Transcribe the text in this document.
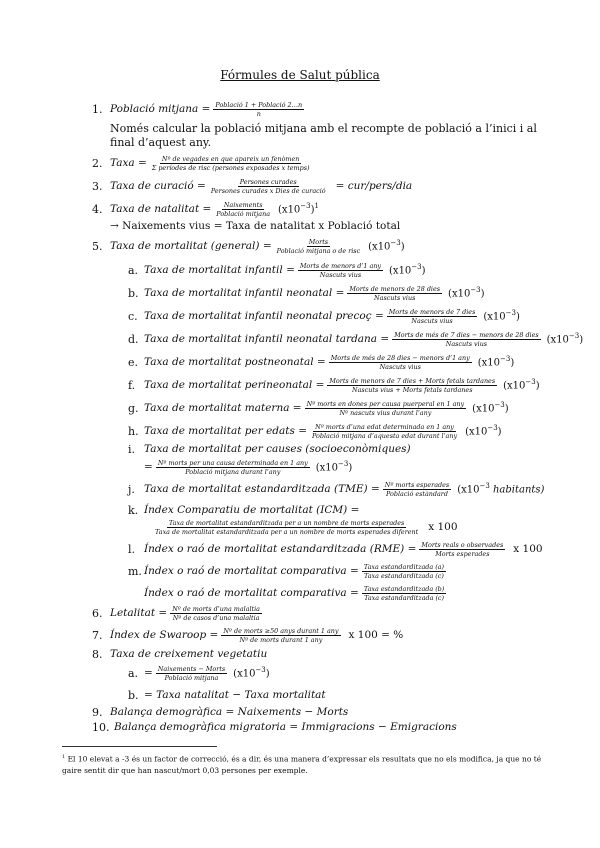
Fórmules de Salut pública
1. Població mitjana = $\frac{\text{Població 1 + Població 2…n}}{n}$
Només calcular la població mitjana amb el recompte de població a l’inici i al final d’aquest any.
2. Taxa = $\frac{\text{Nº de vegades en que apareix un fenòmen}}{\text{Σ períodes de risc (persones exposades x temps)}}$
3. Taxa de curació = $\frac{\text{Persones curades}}{\text{Persones curades x Dies de curació}}$ = cur/pers/dia
4. Taxa de natalitat = $\frac{\text{Naixements}}{\text{Població mitjana}} (x10^{-3})^1$
→ Naixements vius = Taxa de natalitat x Població total
5. Taxa de mortalitat (general) = $\frac{\text{Morts}}{\text{Població mitjana o de risc}} (x10^{-3})$
a. Taxa de mortalitat infantil = $\frac{\text{Morts de menors d’1 any}}{\text{Nascuts vius}} (x10^{-3})$
b. Taxa de mortalitat infantil neonatal = $\frac{\text{Morts de menors de 28 dies}}{\text{Nascuts vius}} (x10^{-3})$
c. Taxa de mortalitat infantil neonatal precoç = $\frac{\text{Morts de menors de 7 dies}}{\text{Nascuts vius}} (x10^{-3})$
d. Taxa de mortalitat infantil neonatal tardana = $\frac{\text{Morts de més de 7 dies − menors de 28 dies}}{\text{Nascuts vius}} (x10^{-3})$
e. Taxa de mortalitat postneonatal = $\frac{\text{Morts de més de 28 dies − menors d’1 any}}{\text{Nascuts vius}} (x10^{-3})$
f. Taxa de mortalitat perineonatal = $\frac{\text{Morts de menors de 7 dies + Morts fetals tardanes}}{\text{Nascuts vius + Morts fetals tardanes}} (x10^{-3})$
g. Taxa de mortalitat materna = $\frac{\text{Nº morts en dones per causa puerperal en 1 any}}{\text{Nº nascuts vius durant l’any}} (x10^{-3})$
h. Taxa de mortalitat per edats = $\frac{\text{Nº morts d’una edat determinada en 1 any}}{\text{Població mitjana d’aquesta edat durant l’any}} (x10^{-3})$
i. Taxa de mortalitat per causes (socioeconòmiques)
= $\frac{\text{Nº morts per una causa determinada en 1 any}}{\text{Població mitjana durant l’any}} (x10^{-3})$
j. Taxa de mortalitat estandarditzada $(TME) = \frac{\text{Nº morts esperades}}{\text{Població estàndard}} (x10^{-3}$ habitants)
k. Índex Comparatiu de mortalitat (ICM) =
Taxa de mortalitat estandarditzada per a un nombre de morts esperades
Taxa de mortalitat estandarditzada per a un nombre de morts esperades diferent x 100
l. Índex o raó de mortalitat estandarditzada $(RME) = \frac{\text{Morts reals o observades}}{\text{Morts esperades}}$ x 100
m. Índex o raó de mortalitat comparativa = $\frac{\text{Taxa estandarditzada (a)}}{\text{Taxa estandarditzada (c)}}$
Índex o raó de mortalitat comparativa = $\frac{\text{Taxa estandarditzada (b)}}{\text{Taxa estandarditzada (c)}}$
6. Letalitat = $\frac{\text{Nº de morts d’una malaltia}}{\text{Nº de casos d’una malaltia}}$
7. Índex de Swaroop = $\frac{\text{Nº de morts ≥50 anys durant 1 any}}{\text{Nº de morts durant 1 any}}$ x 100 = %
8. Taxa de creixement vegetatiu
a. = $\frac{\text{Naixements − Morts}}{\text{Població mitjana}} (x10^{-3})$
b. = Taxa natalitat − Taxa mortalitat
9. Balança demogràfica = Naixements − Morts
10. Balança demogràfica migratoria = Immigracions − Emigracions
$^1$ El 10 elevat a -3 és un factor de correcció, és a dir, és una manera d’expressar els resultats que no els modifica, ja que no té gaire sentit dir que han nascut/mort 0,03 persones per exemple.
